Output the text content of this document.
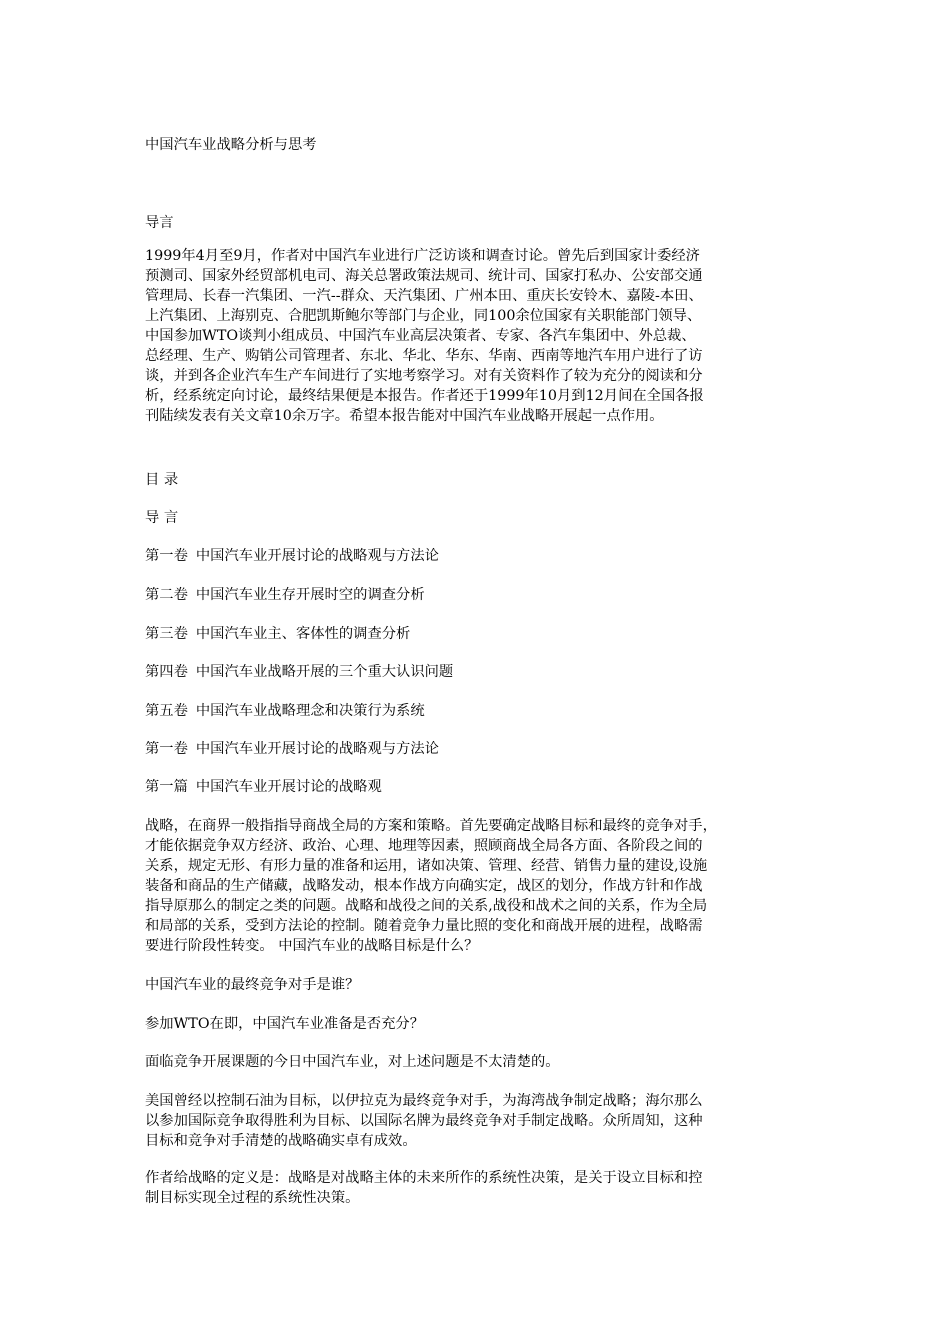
中国汽车业战略分析与思考
导言

1999年4月至9月，作者对中国汽车业进行广泛访谈和调查讨论。曾先后到国家计委经济
预测司、国家外经贸部机电司、海关总署政策法规司、统计司、国家打私办、公安部交通
管理局、长春一汽集团、一汽--群众、天汽集团、广州本田、重庆长安铃木、嘉陵-本田、
上汽集团、上海别克、合肥凯斯鲍尔等部门与企业，同100余位国家有关职能部门领导、
中国参加WTO谈判小组成员、中国汽车业高层决策者、专家、各汽车集团中、外总裁、
总经理、生产、购销公司管理者、东北、华北、华东、华南、西南等地汽车用户进行了访
谈，并到各企业汽车生产车间进行了实地考察学习。对有关资料作了较为充分的阅读和分
析，经系统定向讨论，最终结果便是本报告。作者还于1999年10月到12月间在全国各报
刊陆续发表有关文章10余万字。希望本报告能对中国汽车业战略开展起一点作用。

目 录
导 言
第一卷 中国汽车业开展讨论的战略观与方法论
第二卷 中国汽车业生存开展时空的调查分析
第三卷 中国汽车业主、客体性的调查分析
第四卷 中国汽车业战略开展的三个重大认识问题
第五卷 中国汽车业战略理念和决策行为系统
第一卷 中国汽车业开展讨论的战略观与方法论
第一篇 中国汽车业开展讨论的战略观

战略，在商界一般指指导商战全局的方案和策略。首先要确定战略目标和最终的竞争对手，
才能依据竞争双方经济、政治、心理、地理等因素，照顾商战全局各方面、各阶段之间的
关系，规定无形、有形力量的准备和运用，诸如决策、管理、经营、销售力量的建设,设施
装备和商品的生产储藏，战略发动，根本作战方向确实定，战区的划分，作战方针和作战
指导原那么的制定之类的问题。战略和战役之间的关系,战役和战术之间的关系，作为全局
和局部的关系，受到方法论的控制。随着竞争力量比照的变化和商战开展的进程，战略需
要进行阶段性转变。 中国汽车业的战略目标是什么？

中国汽车业的最终竞争对手是谁？
参加WTO在即，中国汽车业准备是否充分？
面临竞争开展课题的今日中国汽车业，对上述问题是不太清楚的。

美国曾经以控制石油为目标，以伊拉克为最终竞争对手，为海湾战争制定战略；海尔那么
以参加国际竞争取得胜利为目标、以国际名牌为最终竞争对手制定战略。众所周知，这种
目标和竞争对手清楚的战略确实卓有成效。

作者给战略的定义是：战略是对战略主体的未来所作的系统性决策，是关于设立目标和控
制目标实现全过程的系统性决策。
